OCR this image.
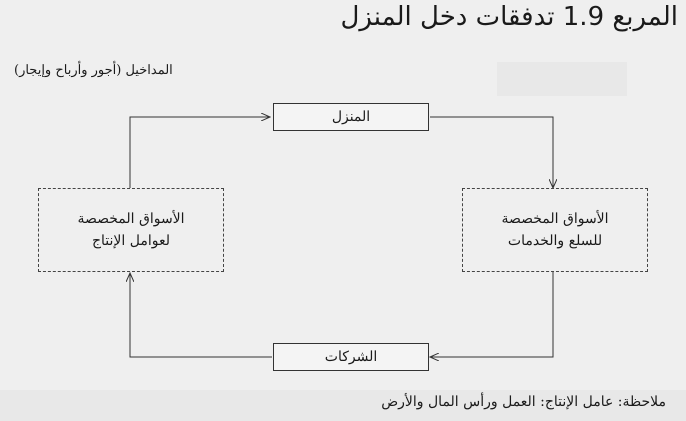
المربع 1.9 تدفقات دخل المنزل
المداخيل (أجور وأرباح وإيجار)
المنزل
الشركات
الأسواق المخصصة
لعوامل الإنتاج
الأسواق المخصصة
للسلع والخدمات
ملاحظة: عامل الإنتاج: العمل ورأس المال والأرض
